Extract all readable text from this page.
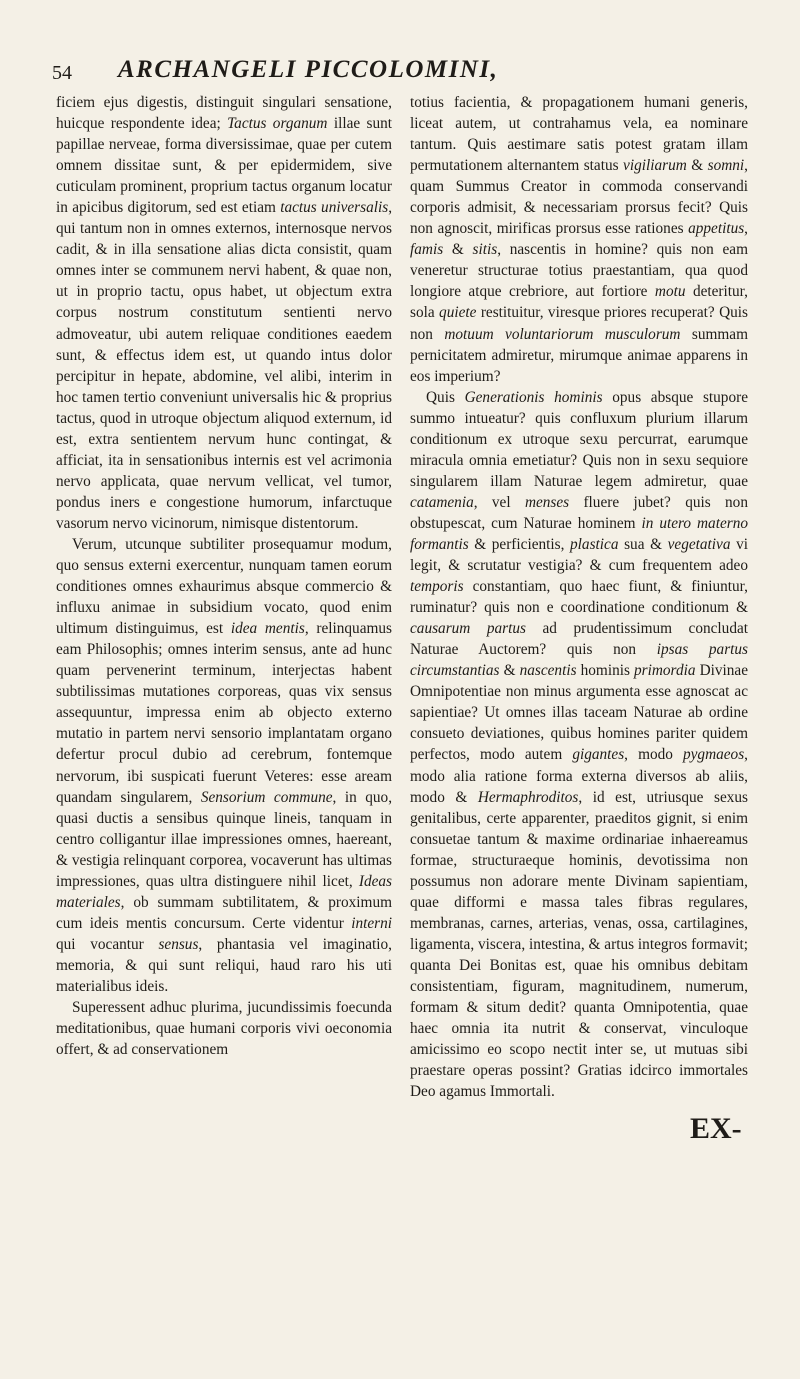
54 ARCHANGELI PICCOLOMINI,

ficiem ejus digestis, distinguit singulari sensatione, huicque respondente idea; Tactus organum illae sunt papillae nerveae, forma diversissimae, quae per cutem omnem dissitae sunt, & per epidermidem, sive cuticulam prominent, proprium tactus organum locatur in apicibus digitorum, sed est etiam tactus universalis, qui tantum non in omnes externos, internosque nervos cadit, & in illa sensatione alias dicta consistit, quam omnes inter se communem nervi habent, & quae non, ut in proprio tactu, opus habet, ut objectum extra corpus nostrum constitutum sentienti nervo admoveatur, ubi autem reliquae conditiones eaedem sunt, & effectus idem est, ut quando intus dolor percipitur in hepate, abdomine, vel alibi, interim in hoc tamen tertio conveniunt universalis hic & proprius tactus, quod in utroque objectum aliquod externum, id est, extra sentientem nervum hunc contingat, & afficiat, ita in sensationibus internis est vel acrimonia nervo applicata, quae nervum vellicat, vel tumor, pondus iners e congestione humorum, infarctuque vasorum nervo vicinorum, nimisque distentorum.

Verum, utcunque subtiliter prosequamur modum, quo sensus externi exercentur, nunquam tamen eorum conditiones omnes exhaurimus absque commercio & influxu animae in subsidium vocato, quod enim ultimum distinguimus, est idea mentis, relinquamus eam Philosophis; omnes interim sensus, ante ad hunc quam pervenerint terminum, interjectas habent subtilissimas mutationes corporeas, quas vix sensus assequuntur, impressa enim ab objecto externo mutatio in partem nervi sensorio implantatam organo defertur procul dubio ad cerebrum, fontemque nervorum, ibi suspicati fuerunt Veteres: esse aream quandam singularem, Sensorium commune, in quo, quasi ductis a sensibus quinque lineis, tanquam in centro colligantur illae impressiones omnes, haereant, & vestigia relinquant corporea, vocaverunt has ultimas impressiones, quas ultra distinguere nihil licet, Ideas materiales, ob summam subtilitatem, & proximum cum ideis mentis concursum. Certe videntur interni qui vocantur sensus, phantasia vel imaginatio, memoria, & qui sunt reliqui, haud raro his uti materialibus ideis.

Superessent adhuc plurima, jucundissimis foecunda meditationibus, quae humani corporis vivi oeconomia offert, & ad conservationem

totius facientia, & propagationem humani generis, liceat autem, ut contrahamus vela, ea nominare tantum. Quis aestimare satis potest gratam illam permutationem alternantem status vigiliarum & somni, quam Summus Creator in commoda conservandi corporis admisit, & necessariam prorsus fecit? Quis non agnoscit, mirificas prorsus esse rationes appetitus, famis & sitis, nascentis in homine? quis non eam veneretur structurae totius praestantiam, qua quod longiore atque crebriore, aut fortiore motu deteritur, sola quiete restituitur, viresque priores recuperat? Quis non motuum voluntariorum musculorum summam pernicitatem admiretur, mirumque animae apparens in eos imperium?

Quis Generationis hominis opus absque stupore summo intueatur? quis confluxum plurium illarum conditionum ex utroque sexu percurrat, earumque miracula omnia emetiatur? Quis non in sexu sequiore singularem illam Naturae legem admiretur, quae catamenia, vel menses fluere jubet? quis non obstupescat, cum Naturae hominem in utero materno formantis & perficientis, plastica sua & vegetativa vi legit, & scrutatur vestigia? & cum frequentem adeo temporis constantiam, quo haec fiunt, & finiuntur, ruminatur? quis non e coordinatione conditionum & causarum partus ad prudentissimum concludat Naturae Auctorem? quis non ipsas partus circumstantias & nascentis hominis primordia Divinae Omnipotentiae non minus argumenta esse agnoscat ac sapientiae? Ut omnes illas taceam Naturae ab ordine consueto deviationes, quibus homines pariter quidem perfectos, modo autem gigantes, modo pygmaeos, modo alia ratione forma externa diversos ab aliis, modo & Hermaphroditos, id est, utriusque sexus genitalibus, certe apparenter, praeditos gignit, si enim consuetae tantum & maxime ordinariae inhaereamus formae, structuraeque hominis, devotissima non possumus non adorare mente Divinam sapientiam, quae difformi e massa tales fibras regulares, membranas, carnes, arterias, venas, ossa, cartilagines, ligamenta, viscera, intestina, & artus integros formavit; quanta Dei Bonitas est, quae his omnibus debitam consistentiam, figuram, magnitudinem, numerum, formam & situm dedit? quanta Omnipotentia, quae haec omnia ita nutrit & conservat, vinculoque amicissimo eo scopo nectit inter se, ut mutuas sibi praestare operas possint? Gratias idcirco immortales Deo agamus Immortali.

EX-
